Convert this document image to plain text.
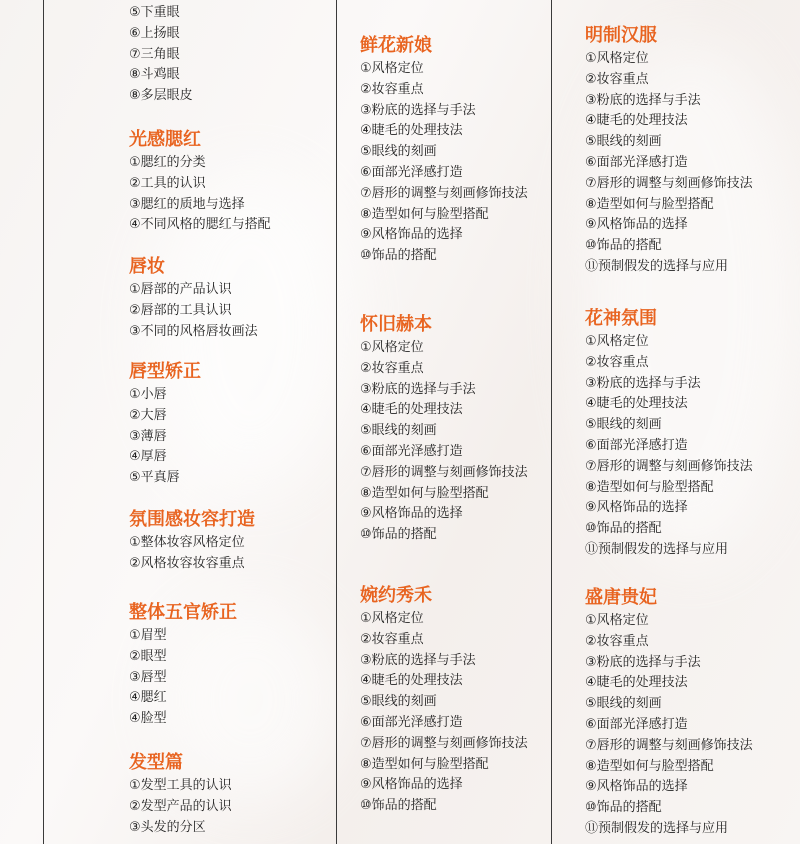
⑤下重眼
⑥上扬眼
⑦三角眼
⑧斗鸡眼
⑧多层眼皮
光感腮红
①腮红的分类
②工具的认识
③腮红的质地与选择
④不同风格的腮红与搭配
唇妆
①唇部的产品认识
②唇部的工具认识
③不同的风格唇妆画法
唇型矫正
①小唇
②大唇
③薄唇
④厚唇
⑤平真唇
氛围感妆容打造
①整体妆容风格定位
②风格妆容妆容重点
整体五官矫正
①眉型
②眼型
③唇型
④腮红
④脸型
发型篇
①发型工具的认识
②发型产品的认识
③头发的分区
鲜花新娘
①风格定位
②妆容重点
③粉底的选择与手法
④睫毛的处理技法
⑤眼线的刻画
⑥面部光泽感打造
⑦唇形的调整与刻画修饰技法
⑧造型如何与脸型搭配
⑨风格饰品的选择
⑩饰品的搭配
怀旧赫本
①风格定位
②妆容重点
③粉底的选择与手法
④睫毛的处理技法
⑤眼线的刻画
⑥面部光泽感打造
⑦唇形的调整与刻画修饰技法
⑧造型如何与脸型搭配
⑨风格饰品的选择
⑩饰品的搭配
婉约秀禾
①风格定位
②妆容重点
③粉底的选择与手法
④睫毛的处理技法
⑤眼线的刻画
⑥面部光泽感打造
⑦唇形的调整与刻画修饰技法
⑧造型如何与脸型搭配
⑨风格饰品的选择
⑩饰品的搭配
明制汉服
①风格定位
②妆容重点
③粉底的选择与手法
④睫毛的处理技法
⑤眼线的刻画
⑥面部光泽感打造
⑦唇形的调整与刻画修饰技法
⑧造型如何与脸型搭配
⑨风格饰品的选择
⑩饰品的搭配
⑪预制假发的选择与应用
花神氛围
①风格定位
②妆容重点
③粉底的选择与手法
④睫毛的处理技法
⑤眼线的刻画
⑥面部光泽感打造
⑦唇形的调整与刻画修饰技法
⑧造型如何与脸型搭配
⑨风格饰品的选择
⑩饰品的搭配
⑪预制假发的选择与应用
盛唐贵妃
①风格定位
②妆容重点
③粉底的选择与手法
④睫毛的处理技法
⑤眼线的刻画
⑥面部光泽感打造
⑦唇形的调整与刻画修饰技法
⑧造型如何与脸型搭配
⑨风格饰品的选择
⑩饰品的搭配
⑪预制假发的选择与应用
